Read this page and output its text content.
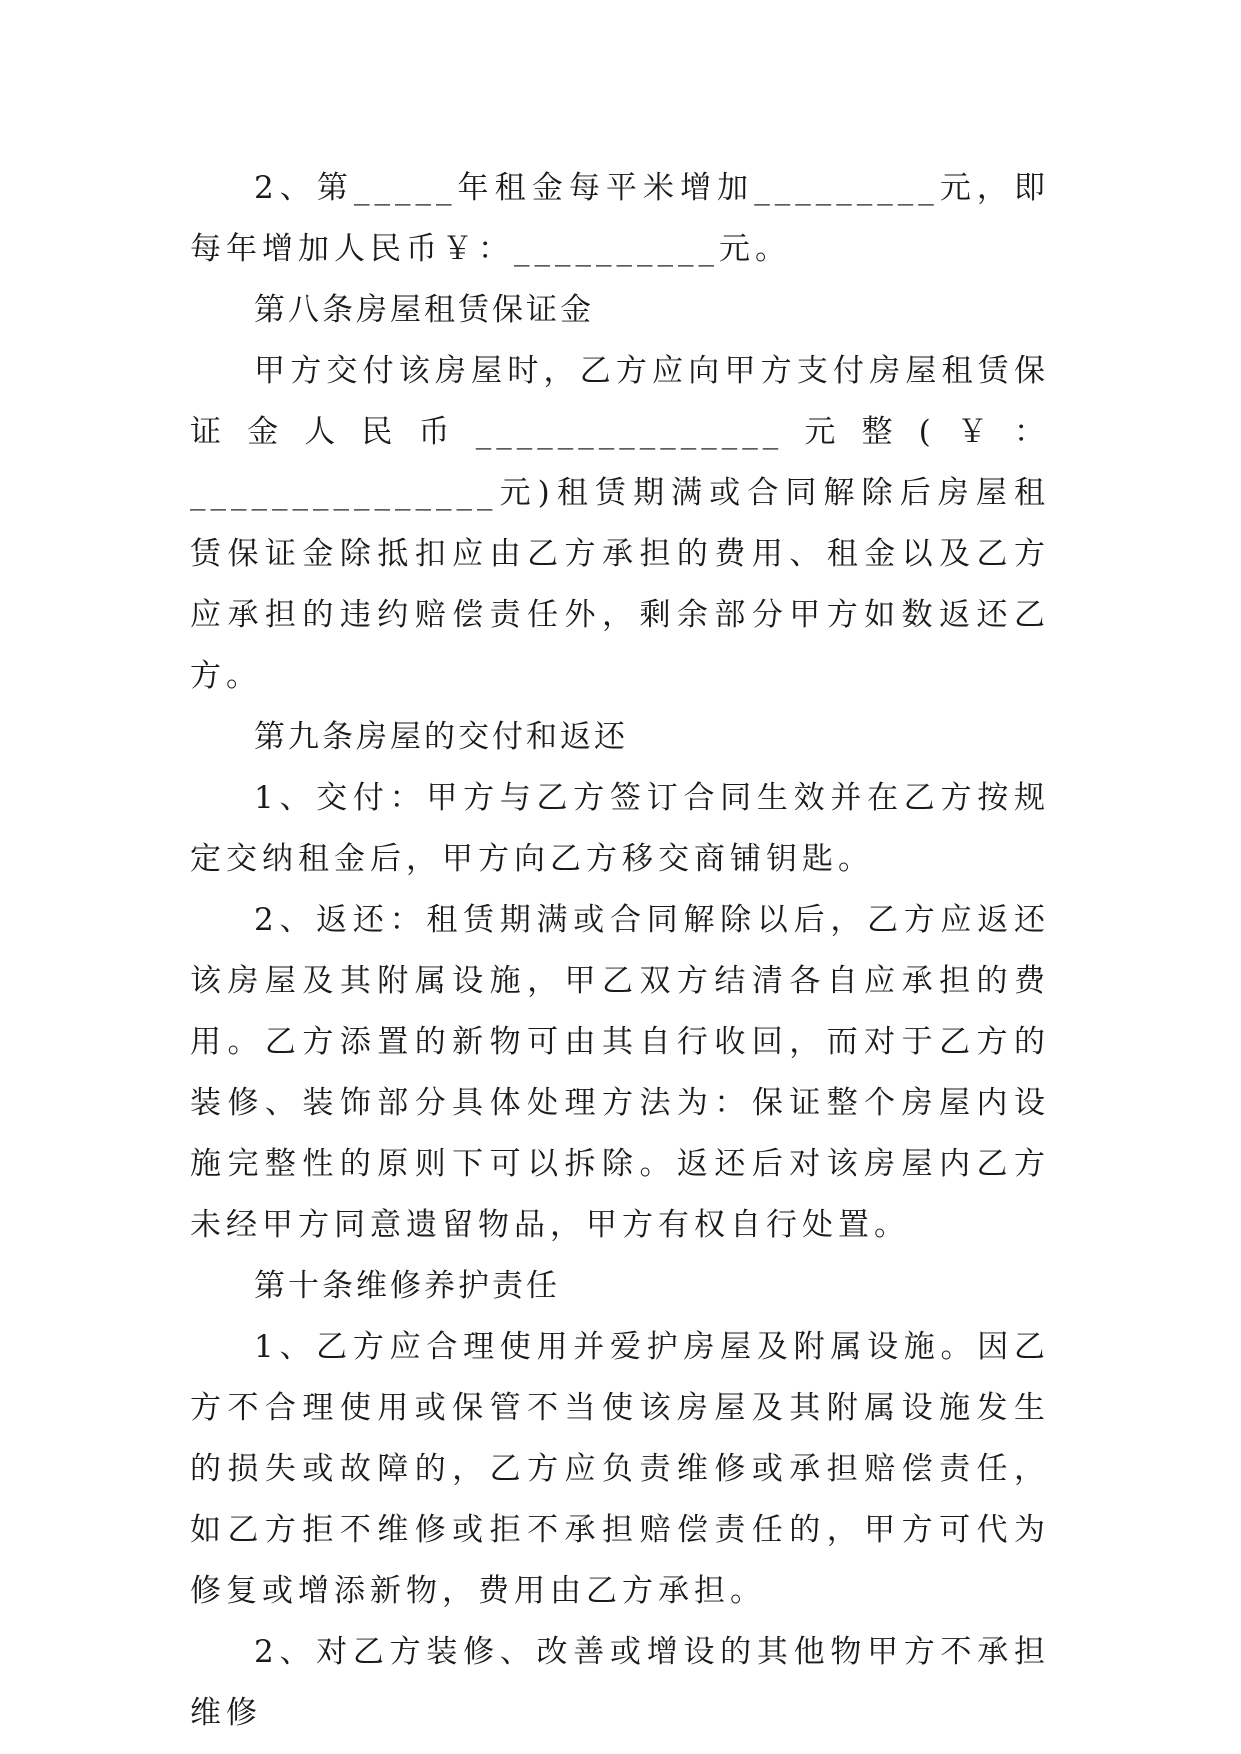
2、第_____年租金每平米增加_________元，即每年增加人民币￥：__________元。

第八条房屋租赁保证金

甲方交付该房屋时，乙方应向甲方支付房屋租赁保证金人民币_______________元整(￥：_______________元)租赁期满或合同解除后房屋租赁保证金除抵扣应由乙方承担的费用、租金以及乙方应承担的违约赔偿责任外，剩余部分甲方如数返还乙方。

第九条房屋的交付和返还

1、交付：甲方与乙方签订合同生效并在乙方按规定交纳租金后，甲方向乙方移交商铺钥匙。

2、返还：租赁期满或合同解除以后，乙方应返还该房屋及其附属设施，甲乙双方结清各自应承担的费用。乙方添置的新物可由其自行收回，而对于乙方的装修、装饰部分具体处理方法为：保证整个房屋内设施完整性的原则下可以拆除。返还后对该房屋内乙方未经甲方同意遗留物品，甲方有权自行处置。

第十条维修养护责任

1、乙方应合理使用并爱护房屋及附属设施。因乙方不合理使用或保管不当使该房屋及其附属设施发生的损失或故障的，乙方应负责维修或承担赔偿责任，如乙方拒不维修或拒不承担赔偿责任的，甲方可代为修复或增添新物，费用由乙方承担。

2、对乙方装修、改善或增设的其他物甲方不承担维修
